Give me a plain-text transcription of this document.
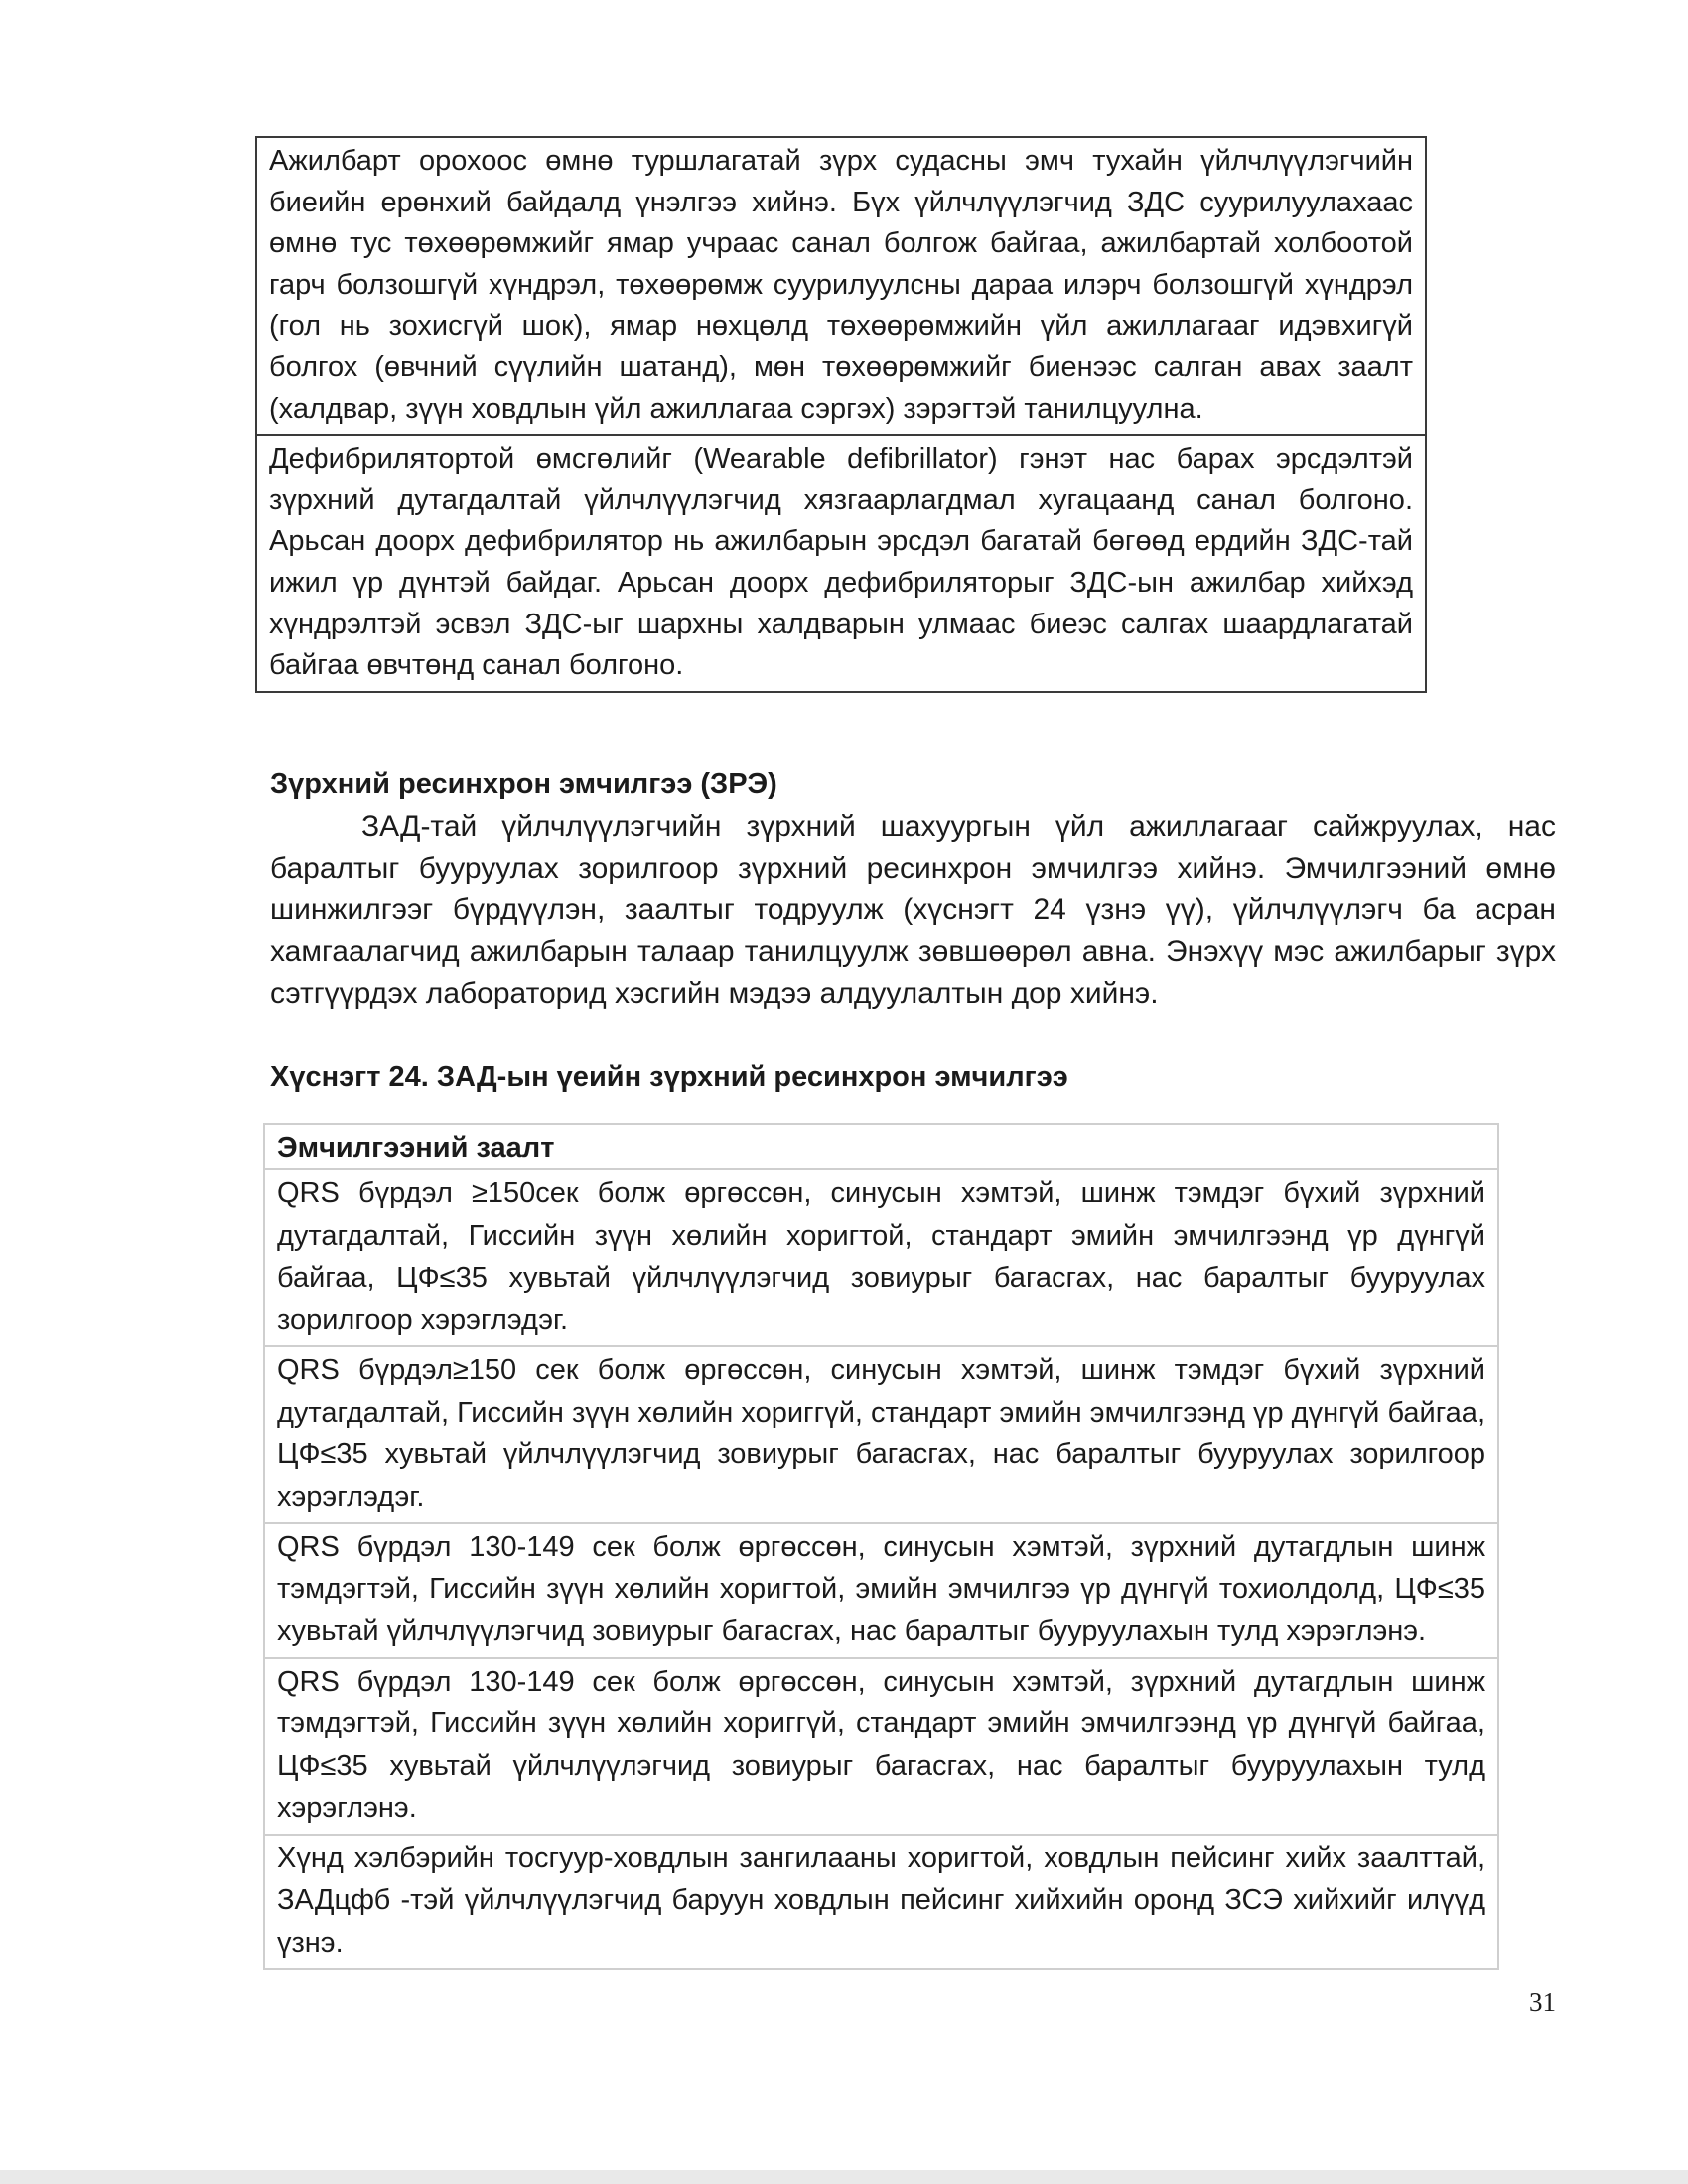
Ажилбарт орохоос өмнө туршлагатай зүрх судасны эмч тухайн үйлчлүүлэгчийн биеийн ерөнхий байдалд үнэлгээ хийнэ. Бүх үйлчлүүлэгчид ЗДС суурилуулахаас өмнө тус төхөөрөмжийг ямар учраас санал болгож байгаа, ажилбартай холбоотой гарч болзошгүй хүндрэл, төхөөрөмж суурилуулсны дараа илэрч болзошгүй хүндрэл (гол нь зохисгүй шок), ямар нөхцөлд төхөөрөмжийн үйл ажиллагааг идэвхигүй болгох (өвчний сүүлийн шатанд), мөн төхөөрөмжийг биенээс салган авах заалт (халдвар, зүүн ховдлын үйл ажиллагаа сэргэх) зэрэгтэй танилцуулна.
Дефибрилятортой өмсгөлийг (Wearable defibrillator) гэнэт нас барах эрсдэлтэй зүрхний дутагдалтай үйлчлүүлэгчид хязгаарлагдмал хугацаанд санал болгоно. Арьсан доорх дефибрилятор нь ажилбарын эрсдэл багатай бөгөөд ердийн ЗДС-тай ижил үр дүнтэй байдаг. Арьсан доорх дефибриляторыг ЗДС-ын ажилбар хийхэд хүндрэлтэй эсвэл ЗДС-ыг шархны халдварын улмаас биеэс салгах шаардлагатай байгаа өвчтөнд санал болгоно.
Зүрхний ресинхрон эмчилгээ (ЗРЭ)
ЗАД-тай үйлчлүүлэгчийн зүрхний шахуургын үйл ажиллагааг сайжруулах, нас баралтыг бууруулах зорилгоор зүрхний ресинхрон эмчилгээ хийнэ. Эмчилгээний өмнө шинжилгээг бүрдүүлэн, заалтыг тодруулж (хүснэгт 24 үзнэ үү), үйлчлүүлэгч ба асран хамгаалагчид ажилбарын талаар танилцуулж зөвшөөрөл авна. Энэхүү мэс ажилбарыг зүрх сэтгүүрдэх лабораторид хэсгийн мэдээ алдуулалтын дор хийнэ.
Хүснэгт 24. ЗАД-ын үеийн зүрхний ресинхрон эмчилгээ
Эмчилгээний заалт
QRS бүрдэл ≥150сек болж өргөссөн, синусын хэмтэй, шинж тэмдэг бүхий зүрхний дутагдалтай, Гиссийн зүүн хөлийн хоригтой, стандарт эмийн эмчилгээнд үр дүнгүй байгаа, ЦФ≤35 хувьтай үйлчлүүлэгчид зовиурыг багасгах, нас баралтыг бууруулах зорилгоор хэрэглэдэг.
QRS бүрдэл≥150 сек болж өргөссөн, синусын хэмтэй, шинж тэмдэг бүхий зүрхний дутагдалтай, Гиссийн зүүн хөлийн хориггүй, стандарт эмийн эмчилгээнд үр дүнгүй байгаа, ЦФ≤35 хувьтай үйлчлүүлэгчид зовиурыг багасгах, нас баралтыг бууруулах зорилгоор хэрэглэдэг.
QRS бүрдэл 130-149 сек болж өргөссөн, синусын хэмтэй, зүрхний дутагдлын шинж тэмдэгтэй, Гиссийн зүүн хөлийн хоригтой, эмийн эмчилгээ үр дүнгүй тохиолдолд, ЦФ≤35 хувьтай үйлчлүүлэгчид зовиурыг багасгах, нас баралтыг бууруулахын тулд хэрэглэнэ.
QRS бүрдэл 130-149 сек болж өргөссөн, синусын хэмтэй, зүрхний дутагдлын шинж тэмдэгтэй, Гиссийн зүүн хөлийн хориггүй, стандарт эмийн эмчилгээнд үр дүнгүй байгаа, ЦФ≤35 хувьтай үйлчлүүлэгчид зовиурыг багасгах, нас баралтыг бууруулахын тулд хэрэглэнэ.
Хүнд хэлбэрийн тосгуур-ховдлын зангилааны хоригтой, ховдлын пейсинг хийх заалттай, ЗАДцфб -тэй үйлчлүүлэгчид баруун ховдлын пейсинг хийхийн оронд ЗСЭ хийхийг илүүд үзнэ.
31
